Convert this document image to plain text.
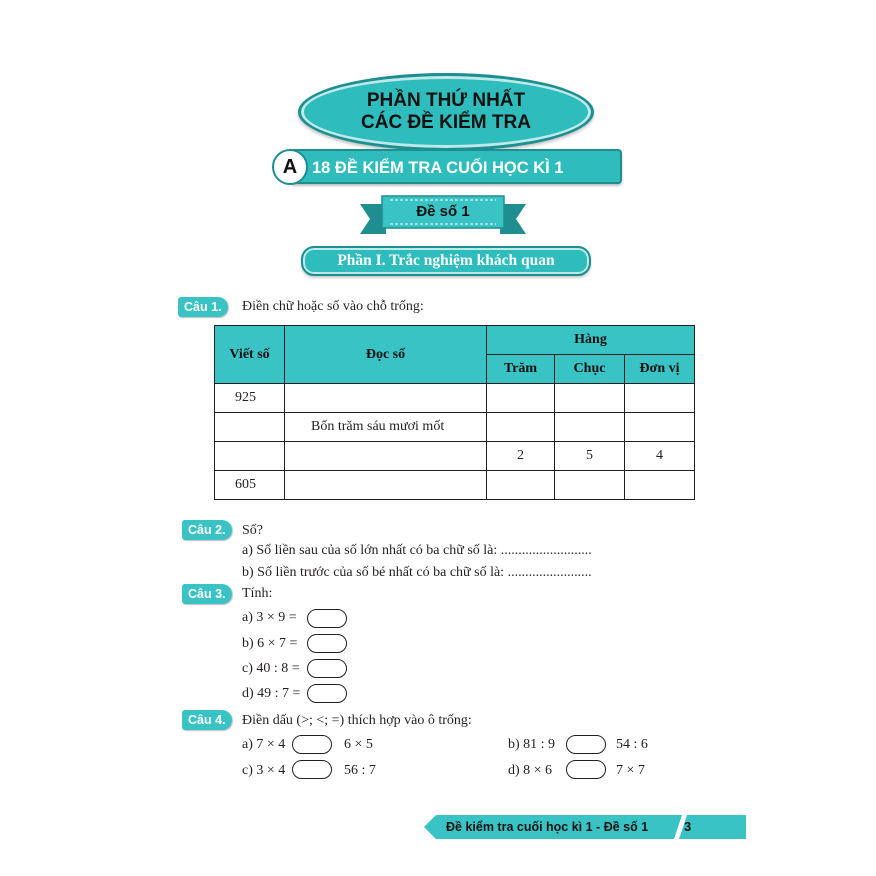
PHẦN THỨ NHẤT
CÁC ĐỀ KIỂM TRA
18 ĐỀ KIỂM TRA CUỐI HỌC KÌ 1
A
Đề số 1
Phần I. Trắc nghiệm khách quan
Câu 1.	Điền chữ hoặc số vào chỗ trống:
Viết số	Đọc số	Hàng		
		Trăm	Chục	Đơn vị
925				
	Bốn trăm sáu mươi mốt			
		2	5	4
605				
Câu 2.	Số?
a) Số liền sau của số lớn nhất có ba chữ số là: ..........................
b) Số liền trước của số bé nhất có ba chữ số là: ........................
Câu 3.	Tính:
a) 3 × 9 =
b) 6 × 7 =
c) 40 : 8 =
d) 49 : 7 =
Câu 4.	Điền dấu (>; <; =) thích hợp vào ô trống:
a) 7 × 4	6 × 5	b) 81 : 9	54 : 6
c) 3 × 4	56 : 7	d) 8 × 6	7 × 7
Đề kiểm tra cuối học kì 1 - Đề số 1	3
